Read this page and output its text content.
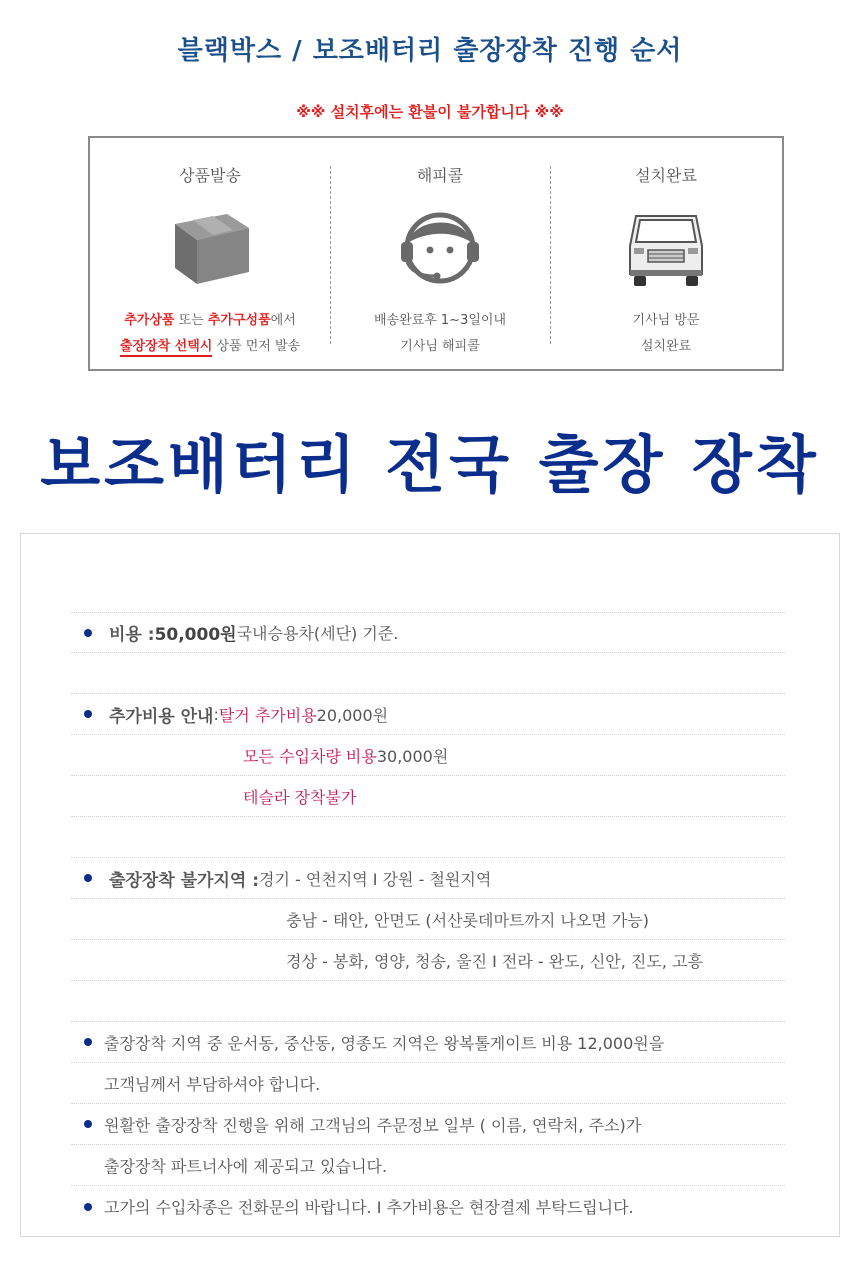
블랙박스 / 보조배터리 출장장착 진행 순서
※※ 설치후에는 환불이 불가합니다 ※※
상품발송
추가상품 또는 추가구성품에서
출장장착 선택시 상품 먼저 발송
해피콜
배송완료후 1~3일이내
기사님 해피콜
설치완료
기사님 방문
설치완료
보조배터리 전국 출장 장착
비용 : 50,000원 국내승용차(세단) 기준.
추가비용 안내 : 탈거 추가비용 20,000원
모든 수입차량 비용 30,000원
테슬라 장착불가
출장장착 불가지역 : 경기 - 연천지역 I 강원 - 철원지역
충남 - 태안, 안면도 (서산롯데마트까지 나오면 가능)
경상 - 봉화, 영양, 청송, 울진 I 전라 - 완도, 신안, 진도, 고흥
출장장착 지역 중 운서동, 중산동, 영종도 지역은 왕복톨게이트 비용 12,000원을
고객님께서 부담하셔야 합니다.
원활한 출장장착 진행을 위해 고객님의 주문정보 일부 ( 이름, 연락처, 주소)가
출장장착 파트너사에 제공되고 있습니다.
고가의 수입차종은 전화문의 바랍니다. I 추가비용은 현장결제 부탁드립니다.
